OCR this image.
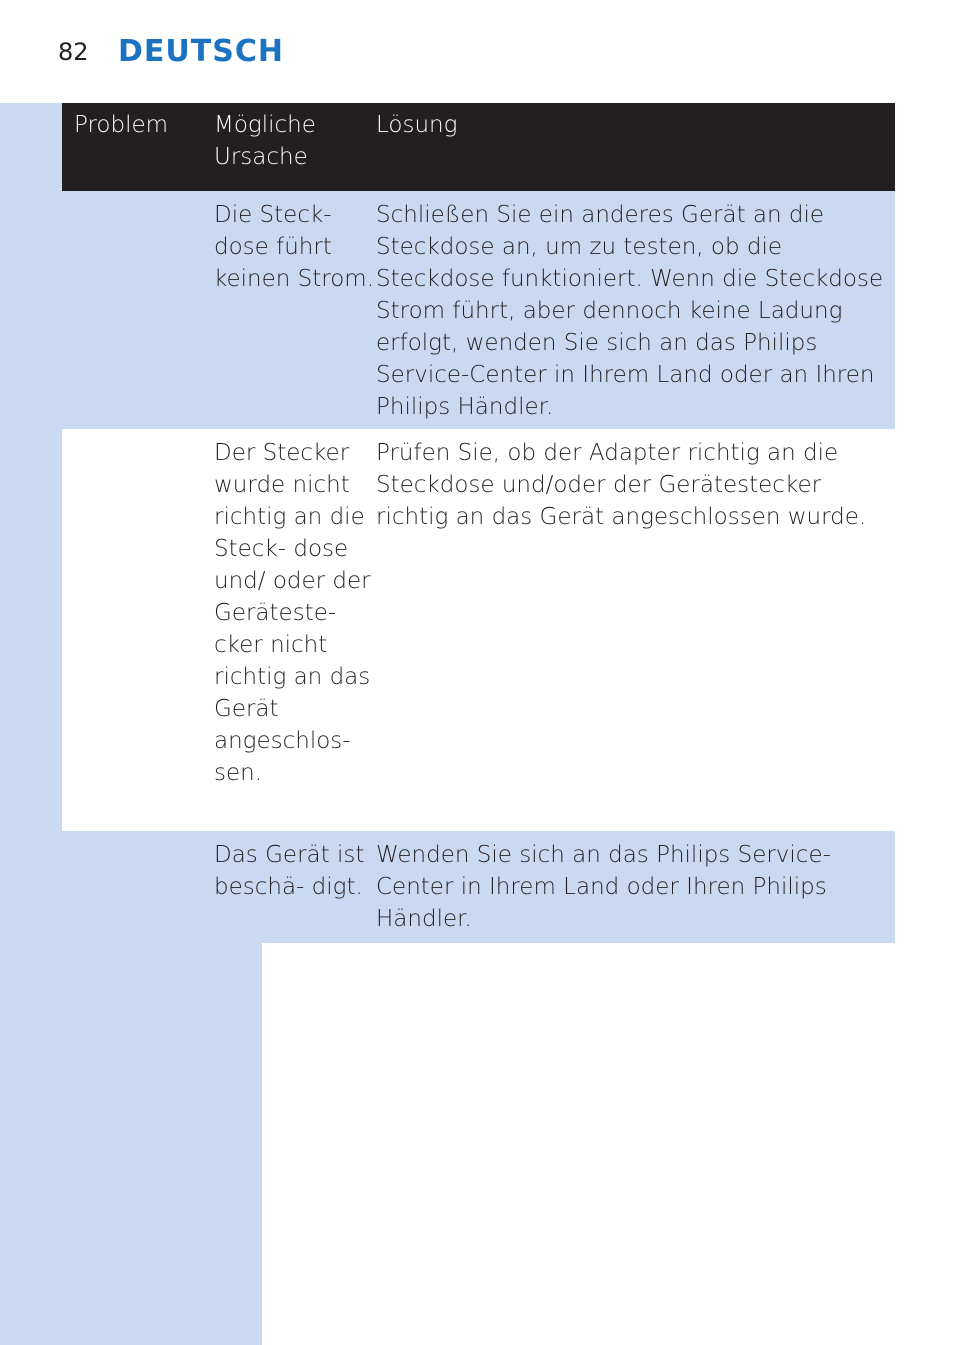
82 DEUTSCH
Problem	Mögliche Ursache
Lösung
Die Steck- dose führt keinen Strom.
Schließen Sie ein anderes Gerät an die Steckdose an, um zu testen, ob die Steckdose funktioniert. Wenn die Steckdose Strom führt, aber dennoch keine Ladung erfolgt, wenden Sie sich an das Philips Service-Center in Ihrem Land oder an Ihren Philips Händler.
Der Stecker wurde nicht richtig an die Steck- dose und/ oder der Geräteste- cker nicht richtig an das Gerät angeschlos- sen.
Prüfen Sie, ob der Adapter richtig an die Steckdose und/oder der Gerätestecker richtig an das Gerät angeschlossen wurde.
Das Gerät ist beschä- digt.
Wenden Sie sich an das Philips Service-Center in Ihrem Land oder Ihren Philips Händler.
